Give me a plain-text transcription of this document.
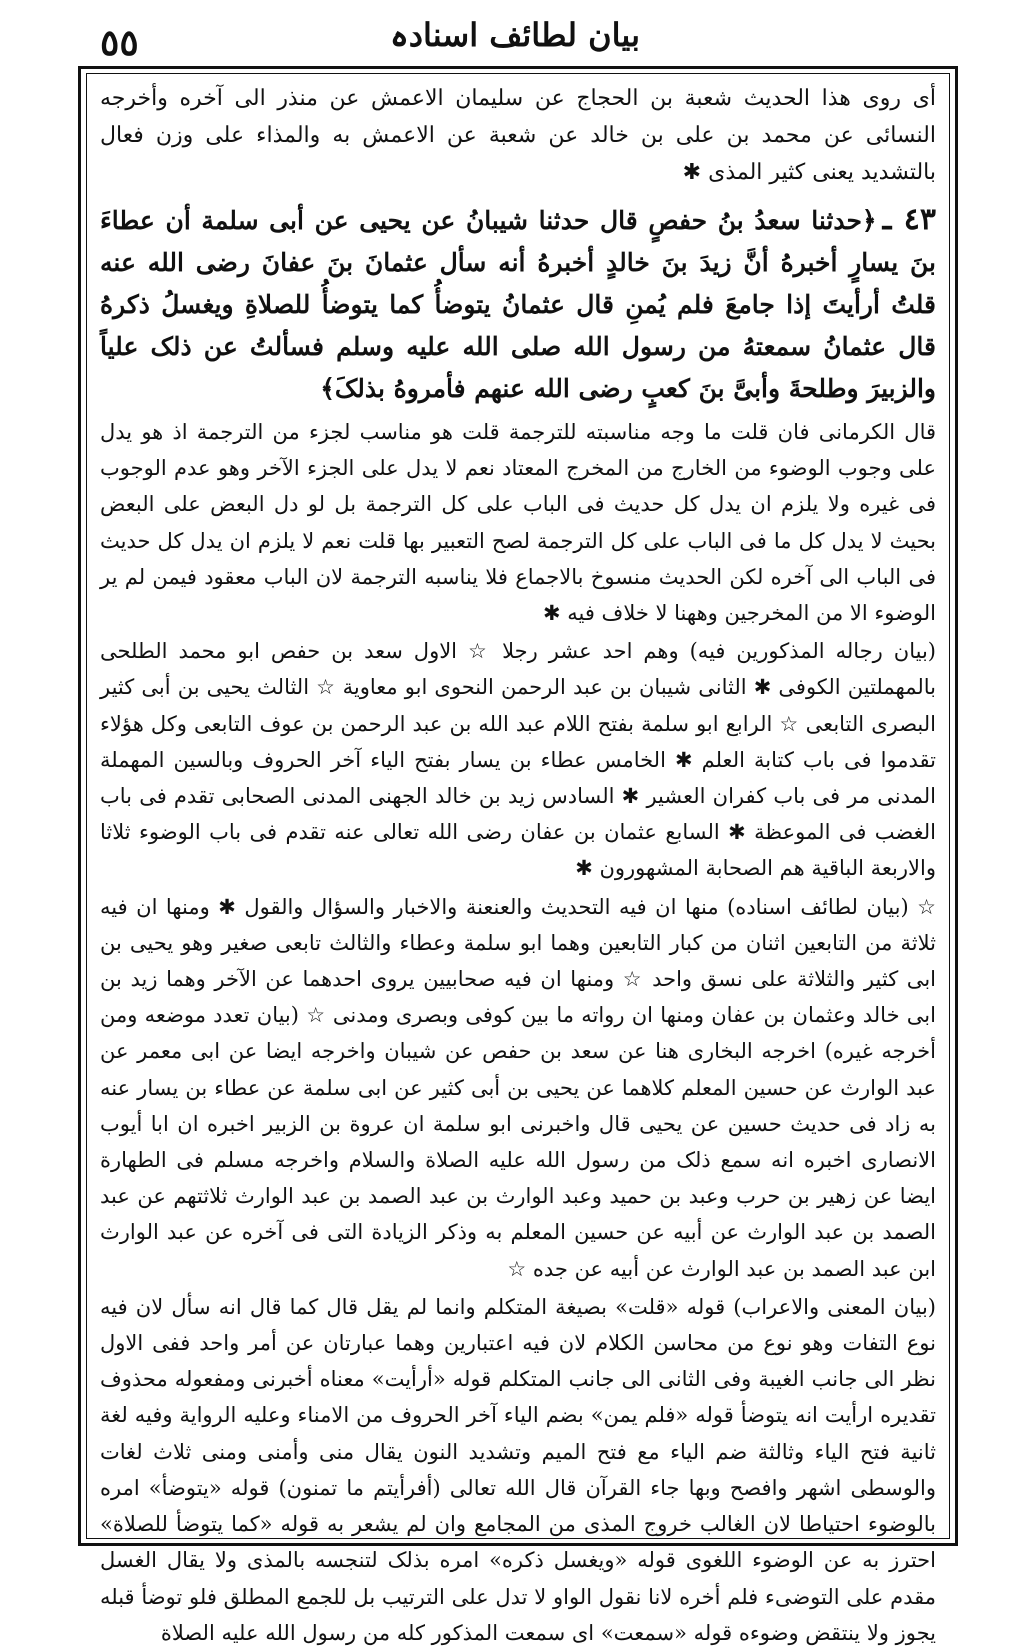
٥٥	بیان لطائف اسنادہ

أی روی هذا الحدیث شعبة بن الحجاج عن سلیمان الاعمش عن منذر الی آخره وأخرجه النسائی عن محمد بن علی بن خالد عن شعبة عن الاعمش به والمذاء علی وزن فعال بالتشدید یعنی کثیر المذی ✱

٤٣ ـ﴿حدثنا سعدُ بنُ حفصٍ قال حدثنا شیبانُ عن یحیی عن أبی سلمة أن عطاءَ بنَ یسارٍ أخبرهُ أنَّ زیدَ بنَ خالدٍ أخبرهُ أنه سأل عثمانَ بنَ عفانَ رضی الله عنه قلتُ أرأیتَ إذا جامعَ فلم یُمنِ قال عثمانُ یتوضأُ کما یتوضأُ للصلاةِ ویغسلُ ذکرهُ قال عثمانُ سمعتهُ من رسول الله صلی الله علیه وسلم فسألتُ عن ذلک علیاً والزبیرَ وطلحةَ وأبیَّ بنَ کعبٍ رضی الله عنهم فأمروهُ بذلکَ﴾

قال الکرمانی فان قلت ما وجه مناسبته للترجمة قلت هو مناسب لجزء من الترجمة اذ هو یدل علی وجوب الوضوء من الخارج من المخرج المعتاد نعم لا یدل علی الجزء الآخر وهو عدم الوجوب فی غیره ولا یلزم ان یدل کل حدیث فی الباب علی کل الترجمة بل لو دل البعض علی البعض بحیث لا یدل کل ما فی الباب علی کل الترجمة لصح التعبیر بها قلت نعم لا یلزم ان یدل کل حدیث فی الباب الی آخره لکن الحدیث منسوخ بالاجماع فلا یناسبه الترجمة لان الباب معقود فیمن لم یر الوضوء الا من المخرجین وههنا لا خلاف فیه ✱

(بیان رجاله المذکورین فیه) وهم احد عشر رجلا ☆ الاول سعد بن حفص ابو محمد الطلحی بالمهملتین الکوفی ✱ الثانی شیبان بن عبد الرحمن النحوی ابو معاویة ☆ الثالث یحیی بن أبی کثیر البصری التابعی ☆ الرابع ابو سلمة بفتح اللام عبد الله بن عبد الرحمن بن عوف التابعی وکل هؤلاء تقدموا فی باب کتابة العلم ✱ الخامس عطاء بن یسار بفتح الیاء آخر الحروف وبالسین المهملة المدنی مر فی باب کفران العشیر ✱ السادس زید بن خالد الجهنی المدنی الصحابی تقدم فی باب الغضب فی الموعظة ✱ السابع عثمان بن عفان رضی الله تعالی عنه تقدم فی باب الوضوء ثلاثا والاربعة الباقیة هم الصحابة المشهورون ✱

☆ (بیان لطائف اسناده) منها ان فیه التحدیث والعنعنة والاخبار والسؤال والقول ✱ ومنها ان فیه ثلاثة من التابعین اثنان من کبار التابعین وهما ابو سلمة وعطاء والثالث تابعی صغیر وهو یحیی بن ابی کثیر والثلاثة علی نسق واحد ☆ ومنها ان فیه صحابیین یروی احدهما عن الآخر وهما زید بن ابی خالد وعثمان بن عفان ومنها ان رواته ما بین کوفی وبصری ومدنی ☆ (بیان تعدد موضعه ومن أخرجه غیره) اخرجه البخاری هنا عن سعد بن حفص عن شیبان واخرجه ایضا عن ابی معمر عن عبد الوارث عن حسین المعلم کلاهما عن یحیی بن أبی کثیر عن ابی سلمة عن عطاء بن یسار عنه به زاد فی حدیث حسین عن یحیی قال واخبرنی ابو سلمة ان عروة بن الزبیر اخبره ان ابا أیوب الانصاری اخبره انه سمع ذلک من رسول الله علیه الصلاة والسلام واخرجه مسلم فی الطهارة ایضا عن زهیر بن حرب وعبد بن حمید وعبد الوارث بن عبد الصمد بن عبد الوارث ثلاثتهم عن عبد الصمد بن عبد الوارث عن أبیه عن حسین المعلم به وذکر الزیادة التی فی آخره عن عبد الوارث ابن عبد الصمد بن عبد الوارث عن أبیه عن جده ☆

(بیان المعنی والاعراب) قوله «قلت» بصیغة المتکلم وانما لم یقل قال کما قال انه سأل لان فیه نوع التفات وهو نوع من محاسن الکلام لان فیه اعتبارین وهما عبارتان عن أمر واحد ففی الاول نظر الی جانب الغیبة وفی الثانی الی جانب المتکلم قوله «أرأیت» معناه أخبرنی ومفعوله محذوف تقدیره ارأیت انه یتوضأ قوله «فلم یمن» بضم الیاء آخر الحروف من الامناء وعلیه الروایة وفیه لغة ثانیة فتح الیاء وثالثة ضم الیاء مع فتح المیم وتشدید النون یقال منی وأمنی ومنی ثلاث لغات والوسطی اشهر وافصح وبها جاء القرآن قال الله تعالی (أفرأیتم ما تمنون) قوله «یتوضأ» امره بالوضوء احتیاطا لان الغالب خروج المذی من المجامع وان لم یشعر به قوله «کما یتوضأ للصلاة» احترز به عن الوضوء اللغوی قوله «ویغسل ذکره» امره بذلک لتنجسه بالمذی ولا یقال الغسل مقدم علی التوضیء فلم أخره لانا نقول الواو لا تدل علی الترتیب بل للجمع المطلق فلو توضأ قبله یجوز ولا ینتقض وضوءه قوله «سمعت» ای سمعت المذکور کله من رسول الله علیه الصلاة
